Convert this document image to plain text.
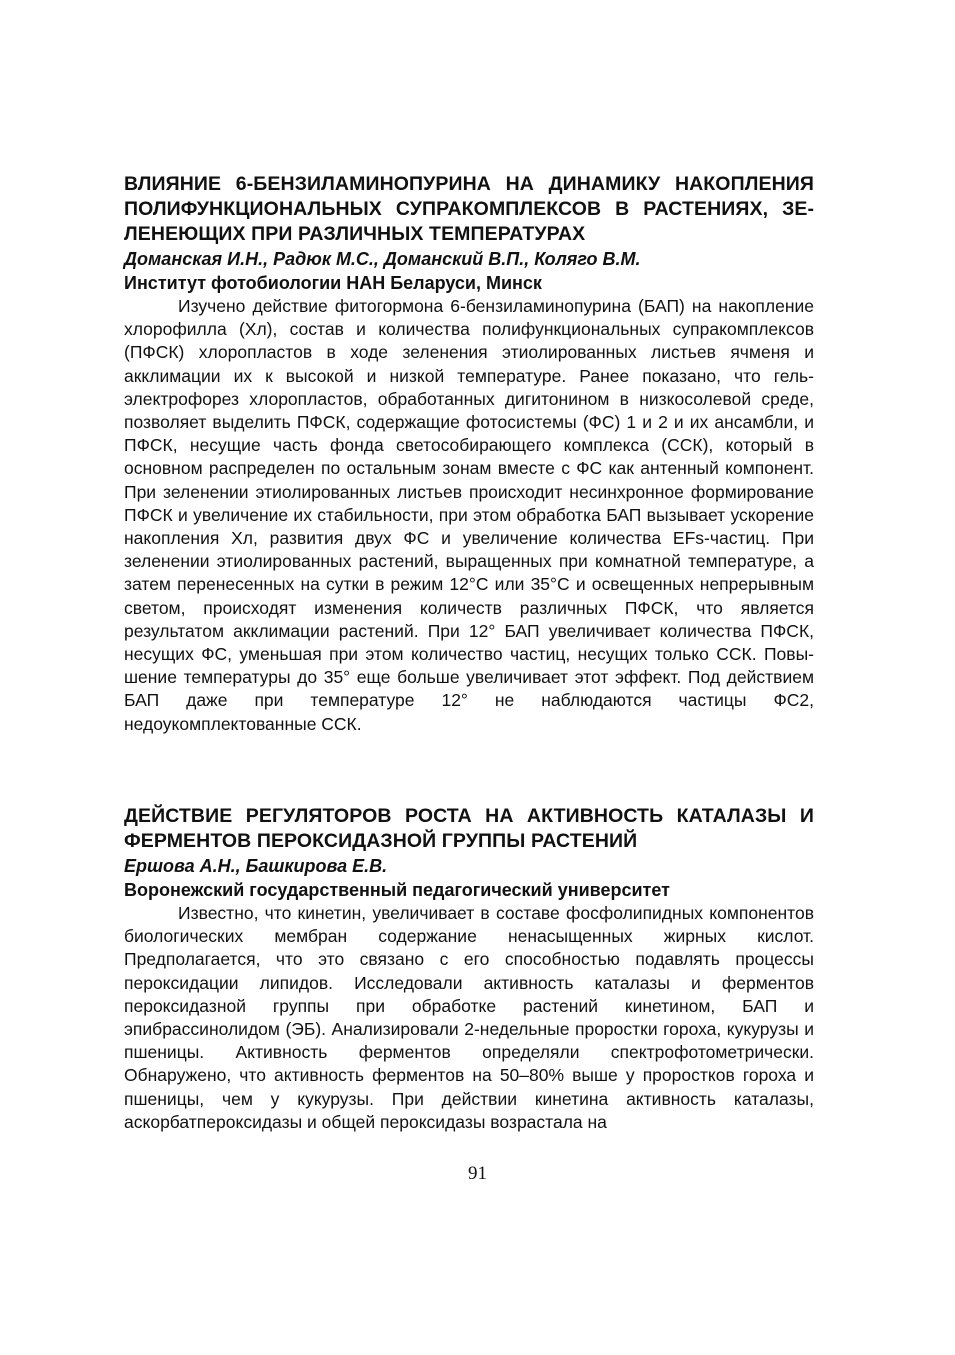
ВЛИЯНИЕ 6-БЕНЗИЛАМИНОПУРИНА НА ДИНАМИКУ НАКОПЛЕНИЯ ПОЛИФУНКЦИОНАЛЬНЫХ СУПРАКОМПЛЕКСОВ В РАСТЕНИЯХ, ЗЕЛЕНЕЮЩИХ ПРИ РАЗЛИЧНЫХ ТЕМПЕРАТУРАХ

Доманская И.Н., Радюк М.С., Доманский В.П., Коляго В.М.

Институт фотобиологии НАН Беларуси, Минск

Изучено действие фитогормона 6-бензиламинопурина (БАП) на накопление хлорофилла (Хл), состав и количества полифункциональных супракомплексов (ПФСК) хлоропластов в ходе зеленения этиолированных листьев ячменя и акклимации их к высокой и низкой температуре. Ранее показано, что гель-электрофорез хлоропластов, обработанных дигитонином в низкосолевой среде, позволяет выделить ПФСК, содержащие фотосистемы (ФС) 1 и 2 и их ансамбли, и ПФСК, несущие часть фонда светособирающего комплекса (ССК), который в основном распределен по остальным зонам вместе с ФС как антенный компонент. При зеленении этиолированных листьев происходит несинхронное формирование ПФСК и увеличение их стабильности, при этом обработка БАП вызывает ускорение накопления Хл, развития двух ФС и увеличение количества EFs-частиц. При зеленении этиолированных растений, выращенных при комнатной температуре, а затем перенесенных на сутки в режим 12°С или 35°С и освещенных непрерывным светом, происходят изменения количеств различных ПФСК, что является результатом акклимации растений. При 12° БАП увеличивает количества ПФСК, несущих ФС, уменьшая при этом количество частиц, несущих только ССК. Повышение температуры до 35° еще больше увеличивает этот эффект. Под действием БАП даже при температуре 12° не наблюдаются частицы ФС2, недоукомплектованные ССК.

ДЕЙСТВИЕ РЕГУЛЯТОРОВ РОСТА НА АКТИВНОСТЬ КАТАЛАЗЫ И ФЕРМЕНТОВ ПЕРОКСИДАЗНОЙ ГРУППЫ РАСТЕНИЙ

Ершова А.Н., Башкирова Е.В.

Воронежский государственный педагогический университет

Известно, что кинетин, увеличивает в составе фосфолипидных компонентов биологических мембран содержание ненасыщенных жирных кислот. Предполагается, что это связано с его способностью подавлять процессы пероксидации липидов. Исследовали активность каталазы и ферментов пероксидазной группы при обработке растений кинетином, БАП и эпибрассинолидом (ЭБ). Анализировали 2-недельные проростки гороха, кукурузы и пшеницы. Активность ферментов определяли спектрофотометрически. Обнаружено, что активность ферментов на 50–80% выше у проростков гороха и пшеницы, чем у кукурузы. При действии кинетина активность каталазы, аскорбатпероксидазы и общей пероксидазы возрастала на

91
